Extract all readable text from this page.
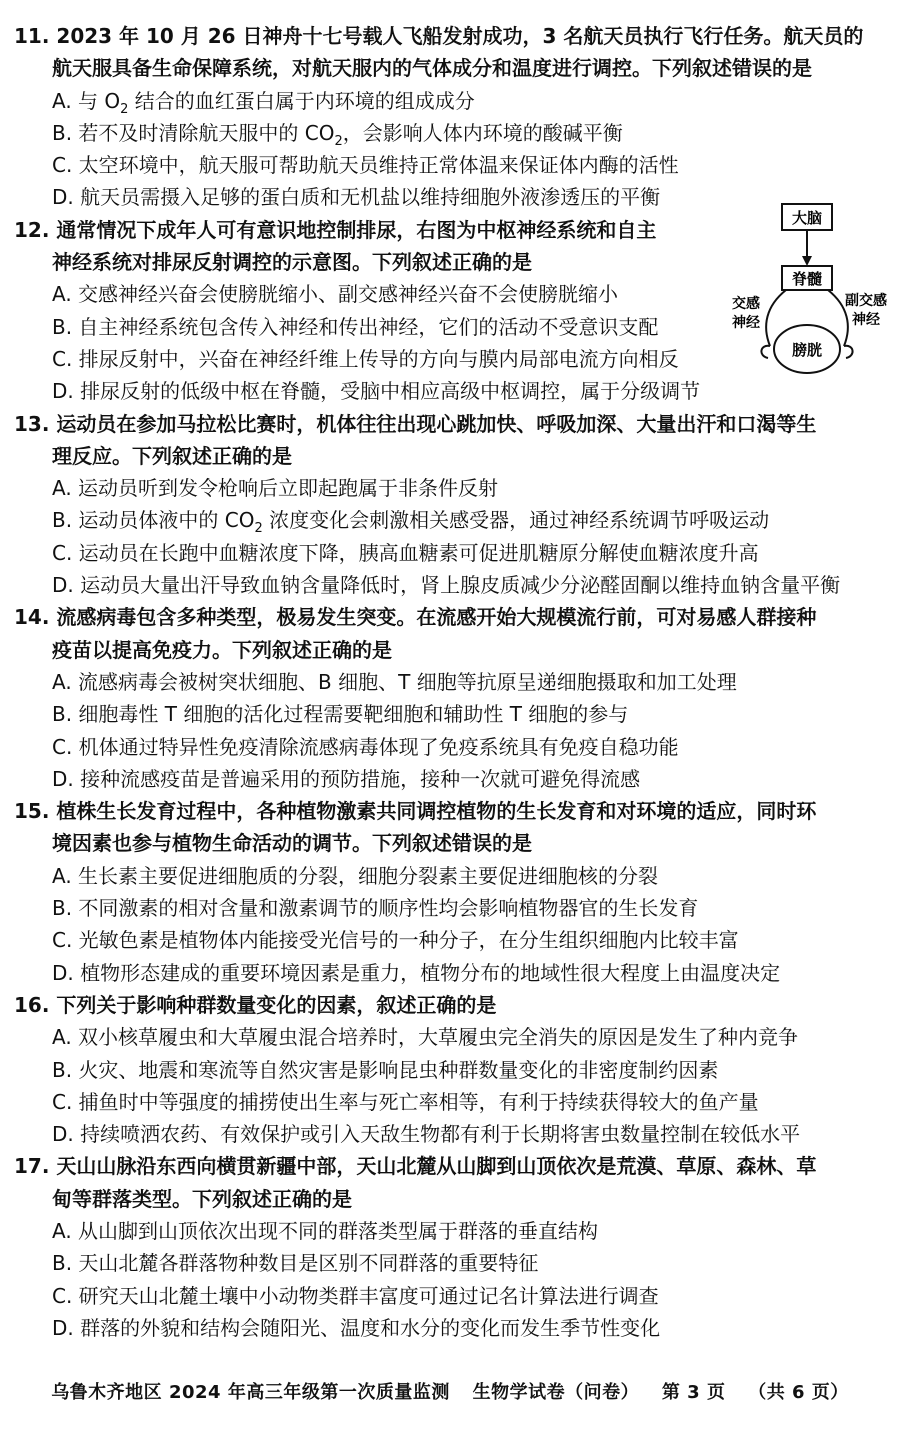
11. 2023 年 10 月 26 日神舟十七号载人飞船发射成功，3 名航天员执行飞行任务。航天员的
航天服具备生命保障系统，对航天服内的气体成分和温度进行调控。下列叙述错误的是
A. 与 $O_2$ 结合的血红蛋白属于内环境的组成成分
B. 若不及时清除航天服中的 $CO_2$，会影响人体内环境的酸碱平衡
C. 太空环境中，航天服可帮助航天员维持正常体温来保证体内酶的活性
D. 航天员需摄入足够的蛋白质和无机盐以维持细胞外液渗透压的平衡
12. 通常情况下成年人可有意识地控制排尿，右图为中枢神经系统和自主
神经系统对排尿反射调控的示意图。下列叙述正确的是
A. 交感神经兴奋会使膀胱缩小、副交感神经兴奋不会使膀胱缩小
B. 自主神经系统包含传入神经和传出神经，它们的活动不受意识支配
C. 排尿反射中，兴奋在神经纤维上传导的方向与膜内局部电流方向相反
D. 排尿反射的低级中枢在脊髓，受脑中相应高级中枢调控，属于分级调节
13. 运动员在参加马拉松比赛时，机体往往出现心跳加快、呼吸加深、大量出汗和口渴等生
理反应。下列叙述正确的是
A. 运动员听到发令枪响后立即起跑属于非条件反射
B. 运动员体液中的 $CO_2$ 浓度变化会刺激相关感受器，通过神经系统调节呼吸运动
C. 运动员在长跑中血糖浓度下降，胰高血糖素可促进肌糖原分解使血糖浓度升高
D. 运动员大量出汗导致血钠含量降低时，肾上腺皮质减少分泌醛固酮以维持血钠含量平衡
14. 流感病毒包含多种类型，极易发生突变。在流感开始大规模流行前，可对易感人群接种
疫苗以提高免疫力。下列叙述正确的是
A. 流感病毒会被树突状细胞、B 细胞、T 细胞等抗原呈递细胞摄取和加工处理
B. 细胞毒性 T 细胞的活化过程需要靶细胞和辅助性 T 细胞的参与
C. 机体通过特异性免疫清除流感病毒体现了免疫系统具有免疫自稳功能
D. 接种流感疫苗是普遍采用的预防措施，接种一次就可避免得流感
15. 植株生长发育过程中，各种植物激素共同调控植物的生长发育和对环境的适应，同时环
境因素也参与植物生命活动的调节。下列叙述错误的是
A. 生长素主要促进细胞质的分裂，细胞分裂素主要促进细胞核的分裂
B. 不同激素的相对含量和激素调节的顺序性均会影响植物器官的生长发育
C. 光敏色素是植物体内能接受光信号的一种分子，在分生组织细胞内比较丰富
D. 植物形态建成的重要环境因素是重力，植物分布的地域性很大程度上由温度决定
16. 下列关于影响种群数量变化的因素，叙述正确的是
A. 双小核草履虫和大草履虫混合培养时，大草履虫完全消失的原因是发生了种内竞争
B. 火灾、地震和寒流等自然灾害是影响昆虫种群数量变化的非密度制约因素
C. 捕鱼时中等强度的捕捞使出生率与死亡率相等，有利于持续获得较大的鱼产量
D. 持续喷洒农药、有效保护或引入天敌生物都有利于长期将害虫数量控制在较低水平
17. 天山山脉沿东西向横贯新疆中部，天山北麓从山脚到山顶依次是荒漠、草原、森林、草
甸等群落类型。下列叙述正确的是
A. 从山脚到山顶依次出现不同的群落类型属于群落的垂直结构
B. 天山北麓各群落物种数目是区别不同群落的重要特征
C. 研究天山北麓土壤中小动物类群丰富度可通过记名计算法进行调查
D. 群落的外貌和结构会随阳光、温度和水分的变化而发生季节性变化
大脑
脊髓
膀胱
交感
神经
副交感
神经
乌鲁木齐地区 2024 年高三年级第一次质量监测 生物学试卷（问卷） 第 3 页 （共 6 页）
